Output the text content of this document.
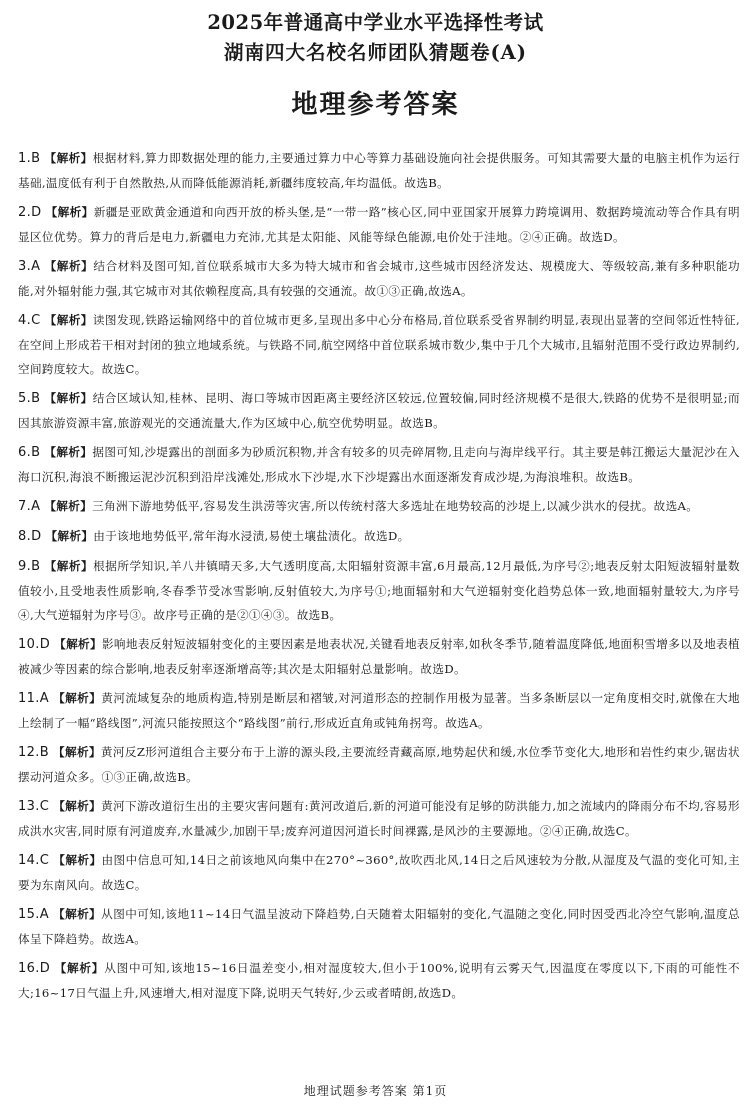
2025年普通高中学业水平选择性考试
湖南四大名校名师团队猜题卷(A)
地理参考答案
1.B 【解析】根据材料,算力即数据处理的能力,主要通过算力中心等算力基础设施向社会提供服务。可知其需要大量的电脑主机作为运行基础,温度低有利于自然散热,从而降低能源消耗,新疆纬度较高,年均温低。故选B。
2.D 【解析】新疆是亚欧黄金通道和向西开放的桥头堡,是“一带一路”核心区,同中亚国家开展算力跨境调用、数据跨境流动等合作具有明显区位优势。算力的背后是电力,新疆电力充沛,尤其是太阳能、风能等绿色能源,电价处于洼地。②④正确。故选D。
3.A 【解析】结合材料及图可知,首位联系城市大多为特大城市和省会城市,这些城市因经济发达、规模庞大、等级较高,兼有多种职能功能,对外辐射能力强,其它城市对其依赖程度高,具有较强的交通流。故①③正确,故选A。
4.C 【解析】读图发现,铁路运输网络中的首位城市更多,呈现出多中心分布格局,首位联系受省界制约明显,表现出显著的空间邻近性特征,在空间上形成若干相对封闭的独立地域系统。与铁路不同,航空网络中首位联系城市数少,集中于几个大城市,且辐射范围不受行政边界制约,空间跨度较大。故选C。
5.B 【解析】结合区域认知,桂林、昆明、海口等城市因距离主要经济区较远,位置较偏,同时经济规模不是很大,铁路的优势不是很明显;而因其旅游资源丰富,旅游观光的交通流量大,作为区域中心,航空优势明显。故选B。
6.B 【解析】据图可知,沙堤露出的剖面多为砂质沉积物,并含有较多的贝壳碎屑物,且走向与海岸线平行。其主要是韩江搬运大量泥沙在入海口沉积,海浪不断搬运泥沙沉积到沿岸浅滩处,形成水下沙堤,水下沙堤露出水面逐渐发育成沙堤,为海浪堆积。故选B。
7.A 【解析】三角洲下游地势低平,容易发生洪涝等灾害,所以传统村落大多选址在地势较高的沙堤上,以减少洪水的侵扰。故选A。
8.D 【解析】由于该地地势低平,常年海水浸渍,易使土壤盐渍化。故选D。
9.B 【解析】根据所学知识,羊八井镇晴天多,大气透明度高,太阳辐射资源丰富,6月最高,12月最低,为序号②;地表反射太阳短波辐射量数值较小,且受地表性质影响,冬春季节受冰雪影响,反射值较大,为序号①;地面辐射和大气逆辐射变化趋势总体一致,地面辐射量较大,为序号④,大气逆辐射为序号③。故序号正确的是②①④③。故选B。
10.D 【解析】影响地表反射短波辐射变化的主要因素是地表状况,关键看地表反射率,如秋冬季节,随着温度降低,地面积雪增多以及地表植被减少等因素的综合影响,地表反射率逐渐增高等;其次是太阳辐射总量影响。故选D。
11.A 【解析】黄河流域复杂的地质构造,特别是断层和褶皱,对河道形态的控制作用极为显著。当多条断层以一定角度相交时,就像在大地上绘制了一幅“路线图”,河流只能按照这个“路线图”前行,形成近直角或钝角拐弯。故选A。
12.B 【解析】黄河反Z形河道组合主要分布于上游的源头段,主要流经青藏高原,地势起伏和缓,水位季节变化大,地形和岩性约束少,锯齿状摆动河道众多。①③正确,故选B。
13.C 【解析】黄河下游改道衍生出的主要灾害问题有:黄河改道后,新的河道可能没有足够的防洪能力,加之流域内的降雨分布不均,容易形成洪水灾害,同时原有河道废弃,水量减少,加剧干旱;废弃河道因河道长时间裸露,是风沙的主要源地。②④正确,故选C。
14.C 【解析】由图中信息可知,14日之前该地风向集中在270°~360°,故吹西北风,14日之后风速较为分散,从湿度及气温的变化可知,主要为东南风向。故选C。
15.A 【解析】从图中可知,该地11~14日气温呈波动下降趋势,白天随着太阳辐射的变化,气温随之变化,同时因受西北冷空气影响,温度总体呈下降趋势。故选A。
16.D 【解析】从图中可知,该地15~16日温差变小,相对湿度较大,但小于100%,说明有云雾天气,因温度在零度以下,下雨的可能性不大;16~17日气温上升,风速增大,相对湿度下降,说明天气转好,少云或者晴朗,故选D。
地理试题参考答案 第1页
